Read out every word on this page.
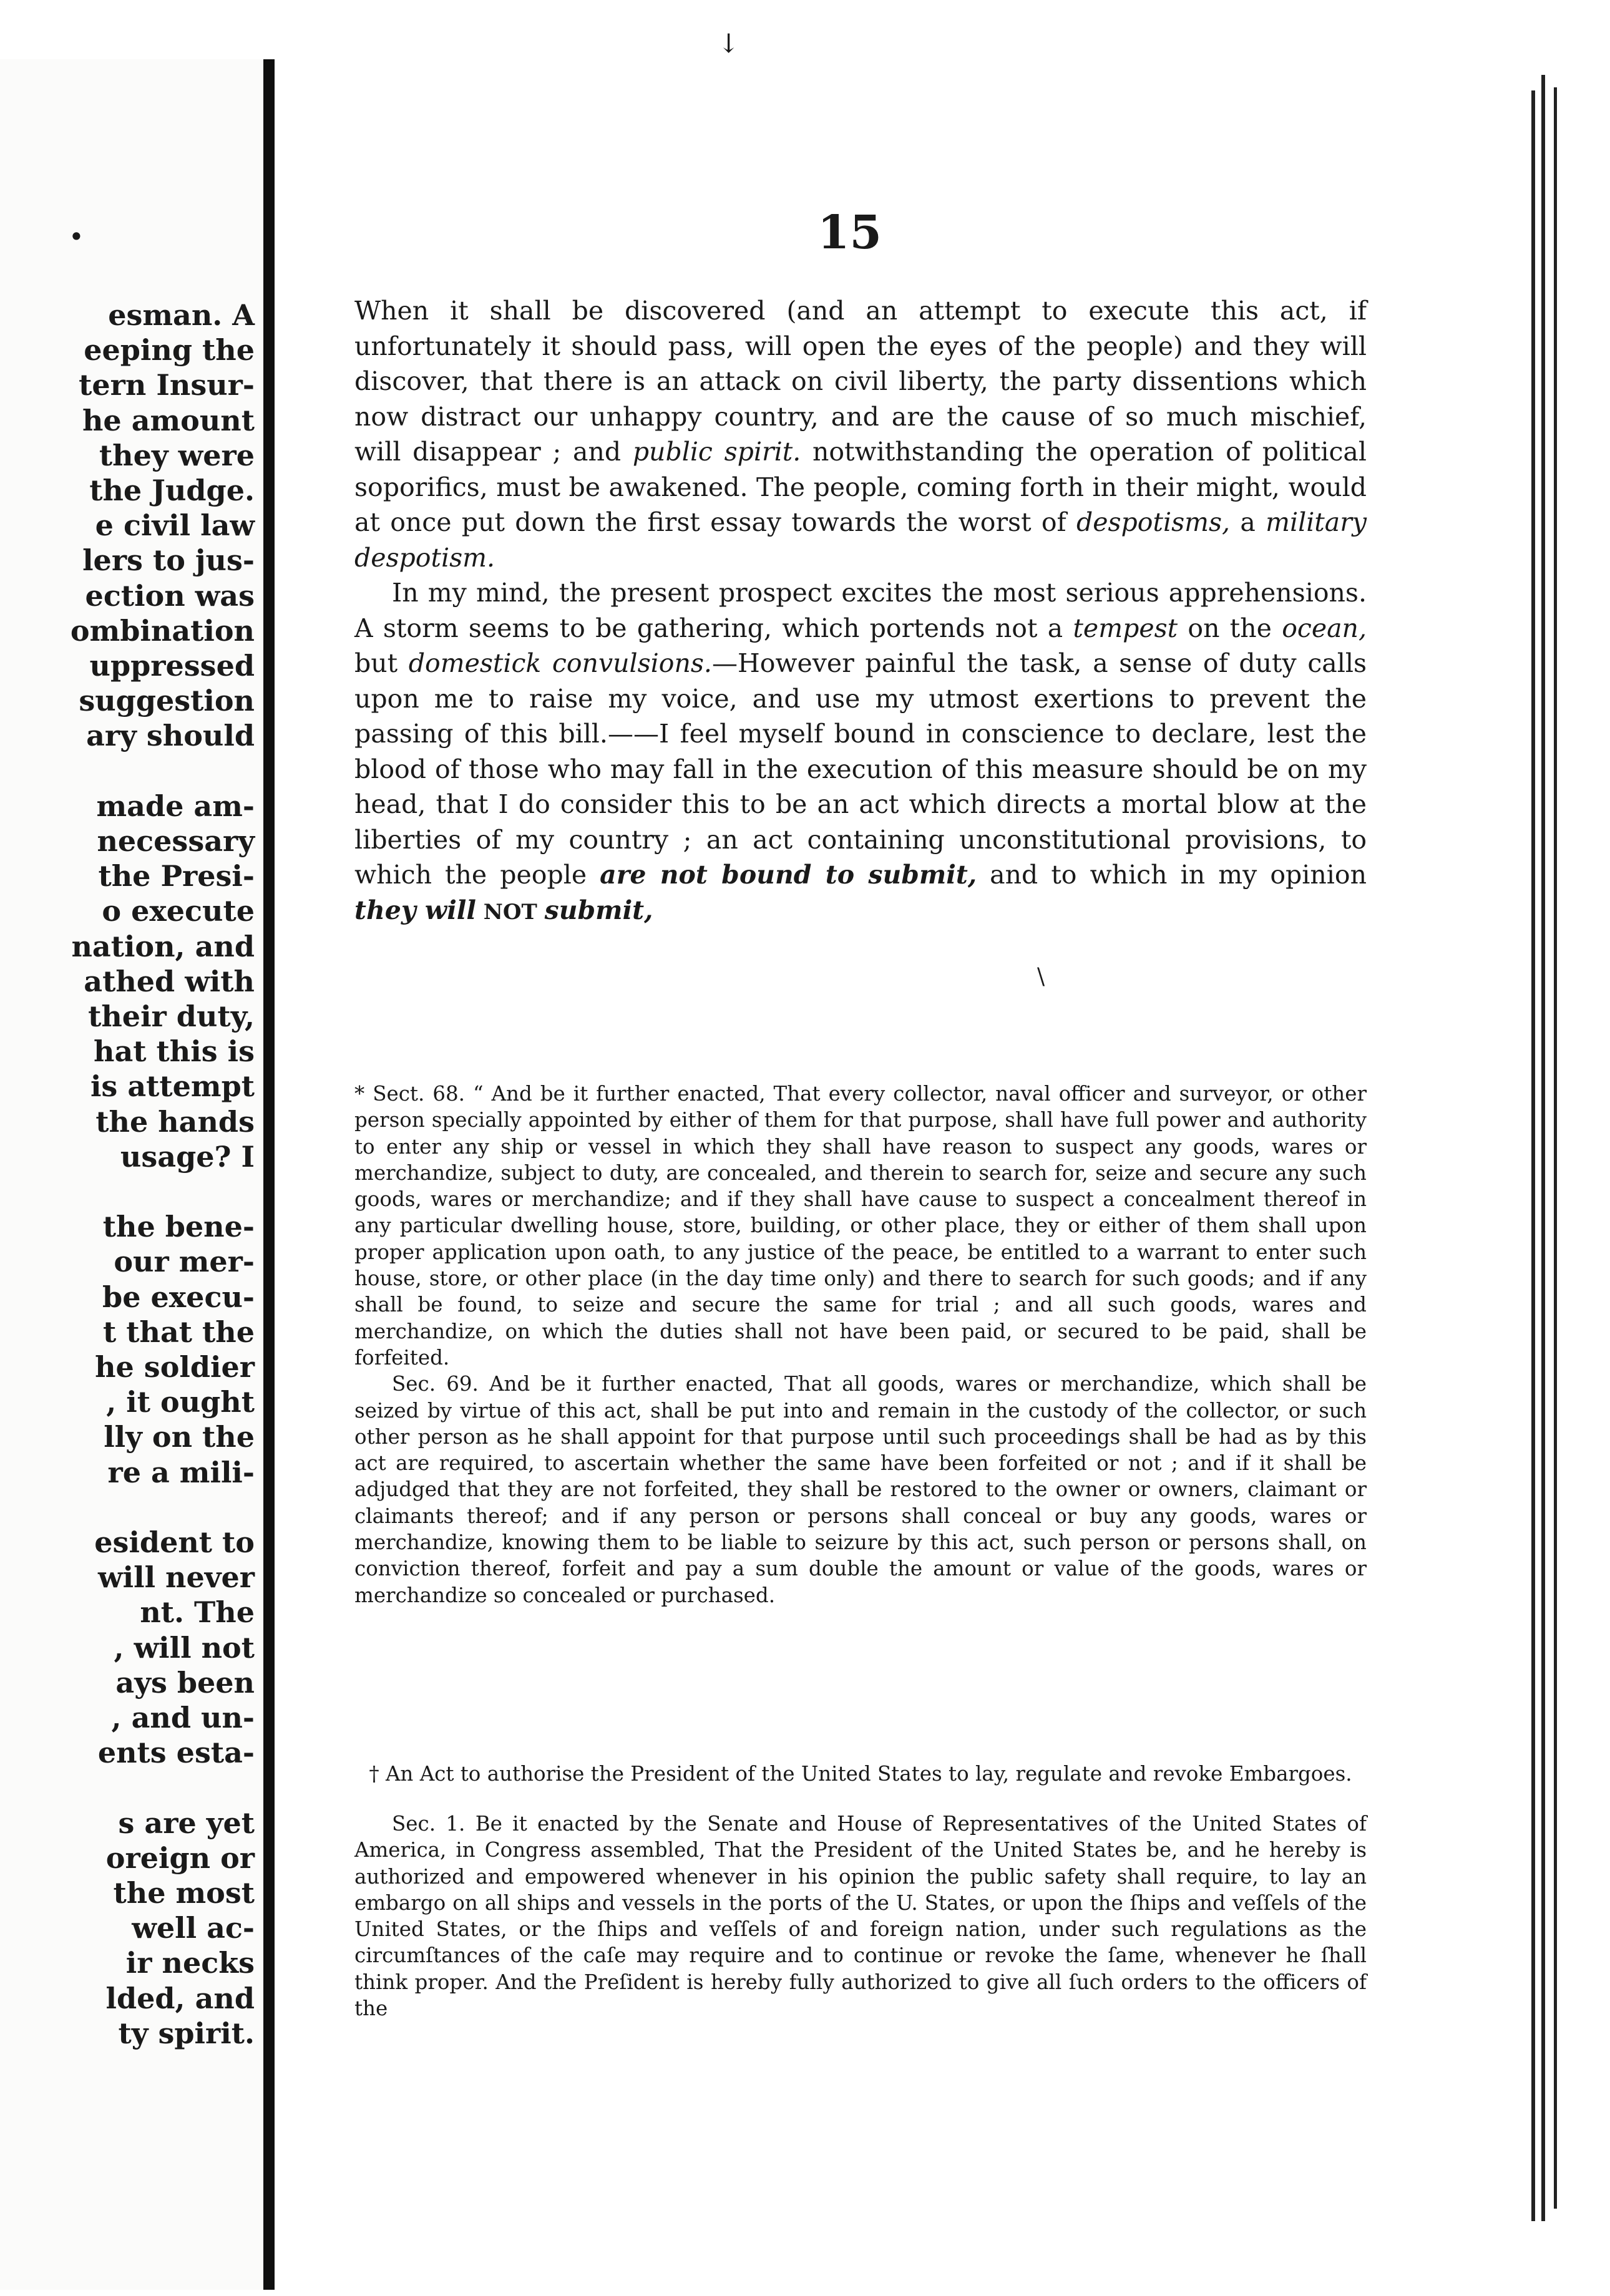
esman. A

eeping the

tern Insur-

he amount

they were

the Judge.

e civil law

lers to jus-

ection was

ombination

uppressed

suggestion

ary should

made am-

necessary

the Presi-

o execute

nation, and

athed with

their duty,

hat this is

is attempt

the hands

usage? I

the bene-

our mer-

be execu-

t that the

he soldier

, it ought

lly on the

re a mili-

esident to

will never

nt. The

, will not

ays been

, and un-

ents esta-

s are yet

oreign or

the most

well ac-

ir necks

lded, and

ty spirit.

↓
•
\
15

When it shall be discovered (and an attempt to execute this act, if unfortunately it should pass, will open the eyes of the people) and they will discover, that there is an attack on civil liberty, the party dissentions which now distract our unhappy country, and are the cause of so much mischief, will disappear ; and public spirit. notwithstanding the operation of political soporifics, must be awakened. The people, coming forth in their might, would at once put down the first essay towards the worst of despotisms, a military despotism.

In my mind, the present prospect excites the most serious apprehensions. A storm seems to be gathering, which portends not a tempest on the ocean, but domestick convulsions.—However painful the task, a sense of duty calls upon me to raise my voice, and use my utmost exertions to prevent the passing of this bill.——I feel myself bound in conscience to declare, lest the blood of those who may fall in the execution of this measure should be on my head, that I do consider this to be an act which directs a mortal blow at the liberties of my country ; an act containing unconstitutional provisions, to which the people are not bound to submit, and to which in my opinion they will NOT submit,

* Sect. 68. “ And be it further enacted, That every collector, naval officer and surveyor, or other person specially appointed by either of them for that purpose, shall have full power and authority to enter any ship or vessel in which they shall have reason to suspect any goods, wares or merchandize, subject to duty, are concealed, and therein to search for, seize and secure any such goods, wares or merchandize; and if they shall have cause to suspect a concealment thereof in any particular dwelling house, store, building, or other place, they or either of them shall upon proper application upon oath, to any justice of the peace, be entitled to a warrant to enter such house, store, or other place (in the day time only) and there to search for such goods; and if any shall be found, to seize and secure the same for trial ; and all such goods, wares and merchandize, on which the duties shall not have been paid, or secured to be paid, shall be forfeited.

Sec. 69. And be it further enacted, That all goods, wares or merchandize, which shall be seized by virtue of this act, shall be put into and remain in the custody of the collector, or such other person as he shall appoint for that purpose until such proceedings shall be had as by this act are required, to ascertain whether the same have been forfeited or not ; and if it shall be adjudged that they are not forfeited, they shall be restored to the owner or owners, claimant or claimants thereof; and if any person or persons shall conceal or buy any goods, wares or merchandize, knowing them to be liable to seizure by this act, such person or persons shall, on conviction thereof, forfeit and pay a sum double the amount or value of the goods, wares or merchandize so concealed or purchased.

† An Act to authorise the President of the United States to lay, regulate and revoke Embargoes.

Sec. 1. Be it enacted by the Senate and House of Representatives of the United States of America, in Congress assembled, That the President of the United States be, and he hereby is authorized and empowered whenever in his opinion the public safety shall require, to lay an embargo on all ships and vessels in the ports of the U. States, or upon the ſhips and veſſels of the United States, or the ſhips and veſſels of and foreign nation, under such regulations as the circumſtances of the caſe may require and to continue or revoke the ſame, whenever he ſhall think proper. And the Preſident is hereby fully authorized to give all ſuch orders to the officers of the
